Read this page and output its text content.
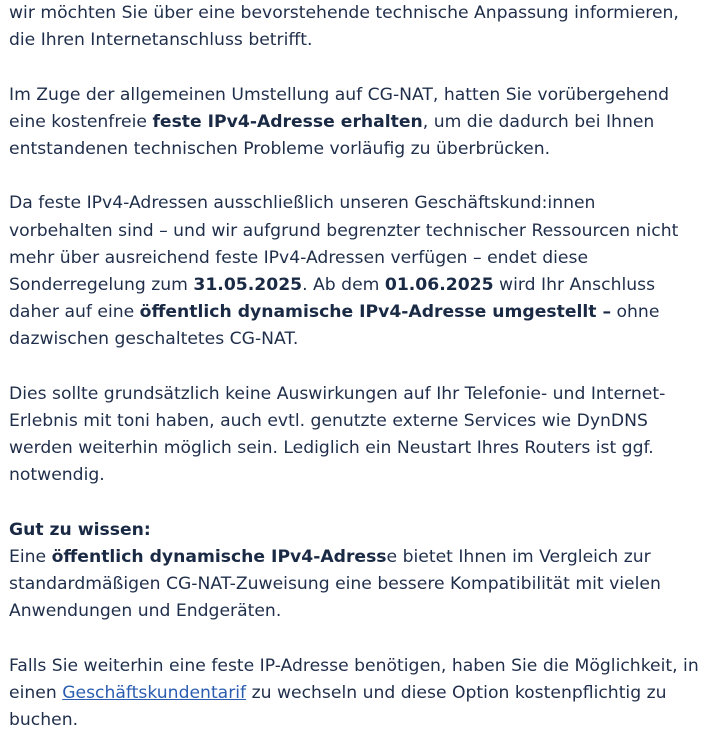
wir möchten Sie über eine bevorstehende technische Anpassung informieren, die Ihren Internetanschluss betrifft.

Im Zuge der allgemeinen Umstellung auf CG-NAT, hatten Sie vorübergehend eine kostenfreie feste IPv4-Adresse erhalten, um die dadurch bei Ihnen entstandenen technischen Probleme vorläufig zu überbrücken.

Da feste IPv4-Adressen ausschließlich unseren Geschäftskund:innen vorbehalten sind – und wir aufgrund begrenzter technischer Ressourcen nicht mehr über ausreichend feste IPv4-Adressen verfügen – endet diese Sonderregelung zum 31.05.2025. Ab dem 01.06.2025 wird Ihr Anschluss daher auf eine öffentlich dynamische IPv4-Adresse umgestellt – ohne dazwischen geschaltetes CG-NAT.

Dies sollte grundsätzlich keine Auswirkungen auf Ihr Telefonie- und Internet-Erlebnis mit toni haben, auch evtl. genutzte externe Services wie DynDNS werden weiterhin möglich sein. Lediglich ein Neustart Ihres Routers ist ggf. notwendig.

Gut zu wissen:
Eine öffentlich dynamische IPv4-Adresse bietet Ihnen im Vergleich zur standardmäßigen CG-NAT-Zuweisung eine bessere Kompatibilität mit vielen Anwendungen und Endgeräten.

Falls Sie weiterhin eine feste IP-Adresse benötigen, haben Sie die Möglichkeit, in einen Geschäftskundentarif zu wechseln und diese Option kostenpflichtig zu buchen.
